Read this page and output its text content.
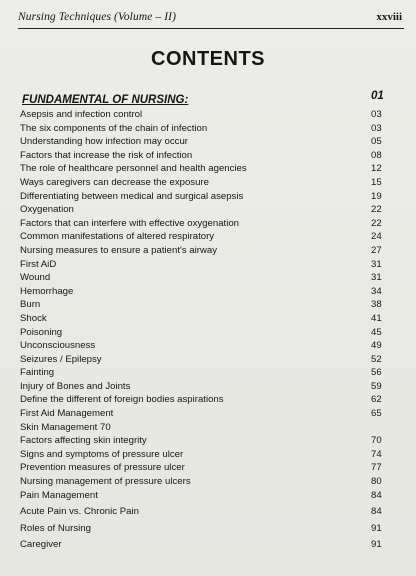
Nursing Techniques (Volume – II)	xxviii
CONTENTS
FUNDAMENTAL OF NURSING:	01
Asepsis and infection control	03
The six components of the chain of infection	03
Understanding how infection may occur	05
Factors that increase the risk of infection	08
The role of healthcare personnel and health agencies	12
Ways caregivers can decrease the exposure	15
Differentiating between medical and surgical asepsis	19
Oxygenation	22
Factors that can interfere with effective oxygenation	22
Common manifestations of altered respiratory	24
Nursing measures to ensure a patient's airway	27
First AiD	31
Wound	31
Hemorrhage	34
Burn	38
Shock	41
Poisoning	45
Unconsciousness	49
Seizures / Epilepsy	52
Fainting	56
Injury of Bones and Joints	59
Define the different of foreign bodies aspirations	62
First Aid Management	65
Skin Management 70
Factors affecting skin integrity	70
Signs and symptoms of pressure ulcer	74
Prevention measures of pressure ulcer	77
Nursing management of pressure ulcers	80
Pain Management	84
Acute Pain vs. Chronic Pain	84
Roles of Nursing	91
Caregiver	91
